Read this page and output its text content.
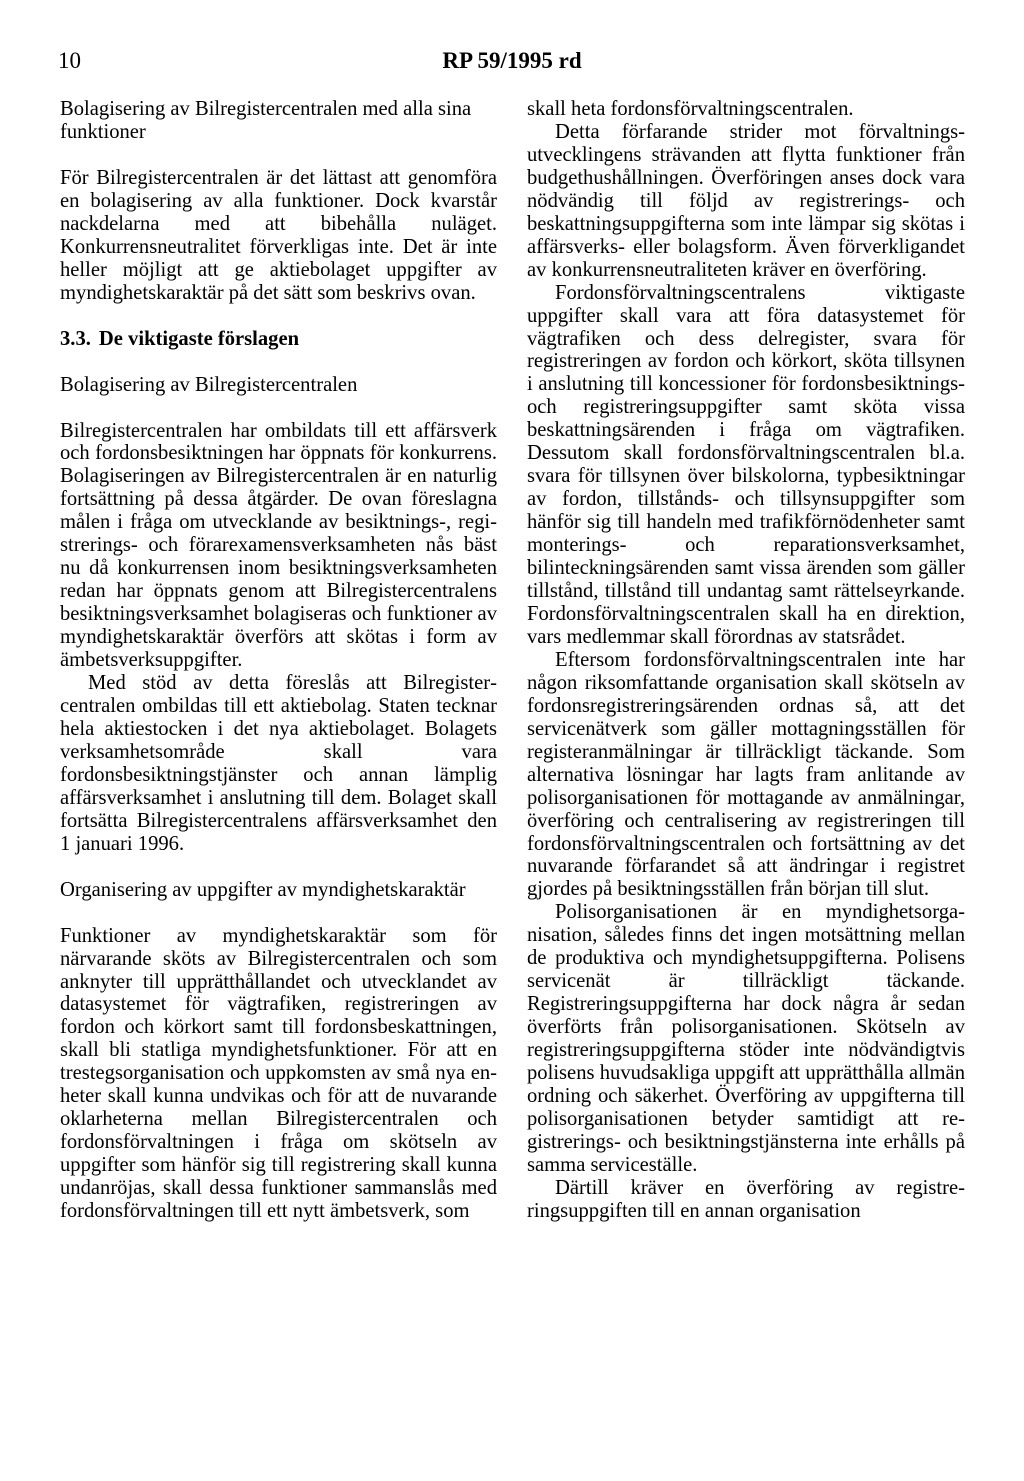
10	RP 59/1995 rd

Bolagisering av Bilregistercentralen med alla sina funktioner

För Bilregistercentralen är det lättast att genomföra en bolagisering av alla funktioner. Dock kvarstår nackdelarna med att bibehålla nuläget. Konkurrensneutralitet förverkligas inte. Det är inte heller möjligt att ge aktiebolaget uppgifter av myndighetskaraktär på det sätt som beskrivs ovan.

3.3. De viktigaste förslagen

Bolagisering av Bilregistercentralen

Bilregistercentralen har ombildats till ett affärsverk och fordonsbesiktningen har öppnats för konkurrens. Bolagiseringen av Bilregistercentralen är en naturlig fortsättning på dessa åtgärder. De ovan föreslagna målen i fråga om utvecklande av besiktnings-, registrerings- och förarexamensverksamheten nås bäst nu då konkurrensen inom besiktningsverksamheten redan har öppnats genom att Bilregistercentralens besiktningsverksamhet bolagiseras och funktioner av myndighetskaraktär överförs att skötas i form av ämbetsverksuppgifter.

Med stöd av detta föreslås att Bilregistercentralen ombildas till ett aktiebolag. Staten tecknar hela aktiestocken i det nya aktiebolaget. Bolagets verksamhetsområde skall vara fordonsbesiktningstjänster och annan lämplig affärsverksamhet i anslutning till dem. Bolaget skall fortsätta Bilregistercentralens affärsverksamhet den 1 januari 1996.

Organisering av uppgifter av myndighetskaraktär

Funktioner av myndighetskaraktär som för närvarande sköts av Bilregistercentralen och som anknyter till upprätthållandet och utvecklandet av datasystemet för vägtrafiken, registreringen av fordon och körkort samt till fordonsbeskattningen, skall bli statliga myndighetsfunktioner. För att en trestegsorganisation och uppkomsten av små nya enheter skall kunna undvikas och för att de nuvarande oklarheterna mellan Bilregistercentralen och fordonsförvaltningen i fråga om skötseln av uppgifter som hänför sig till registrering skall kunna undanröjas, skall dessa funktioner sammanslås med fordonsförvaltningen till ett nytt ämbetsverk, som

skall heta fordonsförvaltningscentralen.

Detta förfarande strider mot förvaltningsutvecklingens strävanden att flytta funktioner från budgethushållningen. Överföringen anses dock vara nödvändig till följd av registrerings- och beskattningsuppgifterna som inte lämpar sig skötas i affärsverks- eller bolagsform. Även förverkligandet av konkurrensneutraliteten kräver en överföring.

Fordonsförvaltningscentralens viktigaste uppgifter skall vara att föra datasystemet för vägtrafiken och dess delregister, svara för registreringen av fordon och körkort, sköta tillsynen i anslutning till koncessioner för fordonsbesiktnings- och registreringsuppgifter samt sköta vissa beskattningsärenden i fråga om vägtrafiken. Dessutom skall fordonsförvaltningscentralen bl.a. svara för tillsynen över bilskolorna, typbesiktningar av fordon, tillstånds- och tillsynsuppgifter som hänför sig till handeln med trafikförnödenheter samt monterings- och reparationsverksamhet, bilinteckningsärenden samt vissa ärenden som gäller tillstånd, tillstånd till undantag samt rättelseyrkande. Fordonsförvaltningscentralen skall ha en direktion, vars medlemmar skall förordnas av statsrådet.

Eftersom fordonsförvaltningscentralen inte har någon riksomfattande organisation skall skötseln av fordonsregistreringsärenden ordnas så, att det servicenätverk som gäller mottagningsställen för registeranmälningar är tillräckligt täckande. Som alternativa lösningar har lagts fram anlitande av polisorganisationen för mottagande av anmälningar, överföring och centralisering av registreringen till fordonsförvaltningscentralen och fortsättning av det nuvarande förfarandet så att ändringar i registret gjordes på besiktningsställen från början till slut.

Polisorganisationen är en myndighetsorganisation, således finns det ingen motsättning mellan de produktiva och myndighetsuppgifterna. Polisens servicenät är tillräckligt täckande. Registreringsuppgifterna har dock några år sedan överförts från polisorganisationen. Skötseln av registreringsuppgifterna stöder inte nödvändigtvis polisens huvudsakliga uppgift att upprätthålla allmän ordning och säkerhet. Överföring av uppgifterna till polisorganisationen betyder samtidigt att registrerings- och besiktningstjänsterna inte erhålls på samma serviceställe.

Därtill kräver en överföring av registreringsuppgiften till en annan organisation
